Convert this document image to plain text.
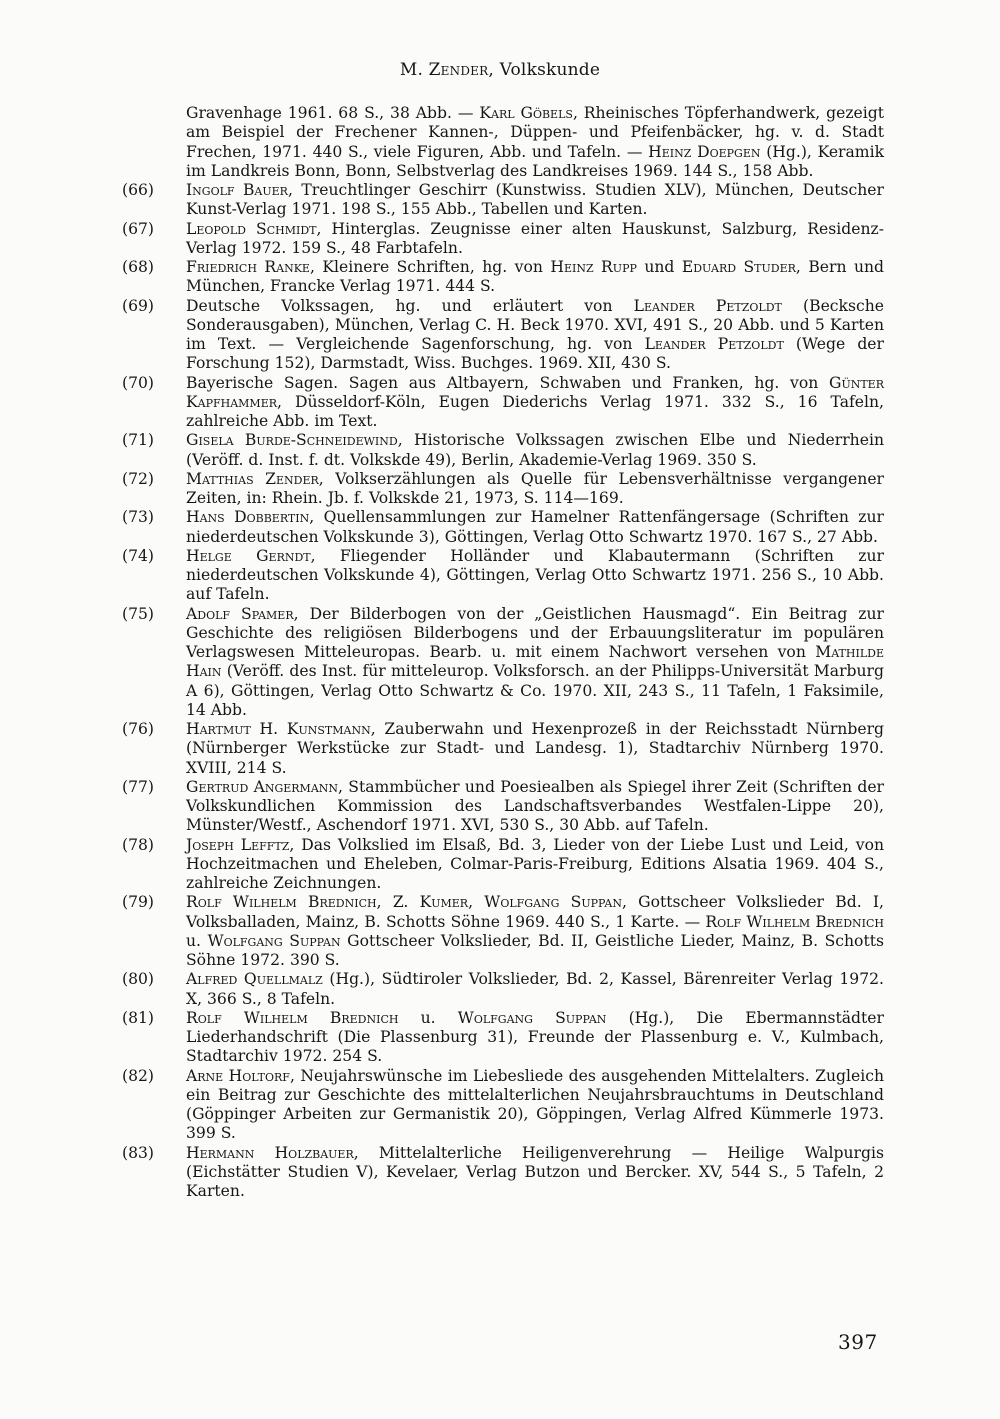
M. Zender, Volkskunde
Gravenhage 1961. 68 S., 38 Abb. — Karl Göbels, Rheinisches Töpferhandwerk, gezeigt am Beispiel der Frechener Kannen-, Düppen- und Pfeifenbäcker, hg. v. d. Stadt Frechen, 1971. 440 S., viele Figuren, Abb. und Tafeln. — Heinz Doepgen (Hg.), Keramik im Landkreis Bonn, Bonn, Selbstverlag des Landkreises 1969. 144 S., 158 Abb.
(66)	Ingolf Bauer, Treuchtlinger Geschirr (Kunstwiss. Studien XLV), München, Deutscher Kunst-Verlag 1971. 198 S., 155 Abb., Tabellen und Karten.
(67)	Leopold Schmidt, Hinterglas. Zeugnisse einer alten Hauskunst, Salzburg, Residenz-Verlag 1972. 159 S., 48 Farbtafeln.
(68)	Friedrich Ranke, Kleinere Schriften, hg. von Heinz Rupp und Eduard Studer, Bern und München, Francke Verlag 1971. 444 S.
(69)	Deutsche Volkssagen, hg. und erläutert von Leander Petzoldt (Becksche Sonderausgaben), München, Verlag C. H. Beck 1970. XVI, 491 S., 20 Abb. und 5 Karten im Text. — Vergleichende Sagenforschung, hg. von Leander Petzoldt (Wege der Forschung 152), Darmstadt, Wiss. Buchges. 1969. XII, 430 S.
(70)	Bayerische Sagen. Sagen aus Altbayern, Schwaben und Franken, hg. von Günter Kapfhammer, Düsseldorf-Köln, Eugen Diederichs Verlag 1971. 332 S., 16 Tafeln, zahlreiche Abb. im Text.
(71)	Gisela Burde-Schneidewind, Historische Volkssagen zwischen Elbe und Niederrhein (Veröff. d. Inst. f. dt. Volkskde 49), Berlin, Akademie-Verlag 1969. 350 S.
(72)	Matthias Zender, Volkserzählungen als Quelle für Lebensverhältnisse vergangener Zeiten, in: Rhein. Jb. f. Volkskde 21, 1973, S. 114—169.
(73)	Hans Dobbertin, Quellensammlungen zur Hamelner Rattenfängersage (Schriften zur niederdeutschen Volkskunde 3), Göttingen, Verlag Otto Schwartz 1970. 167 S., 27 Abb.
(74)	Helge Gerndt, Fliegender Holländer und Klabautermann (Schriften zur niederdeutschen Volkskunde 4), Göttingen, Verlag Otto Schwartz 1971. 256 S., 10 Abb. auf Tafeln.
(75)	Adolf Spamer, Der Bilderbogen von der „Geistlichen Hausmagd“. Ein Beitrag zur Geschichte des religiösen Bilderbogens und der Erbauungsliteratur im populären Verlagswesen Mitteleuropas. Bearb. u. mit einem Nachwort versehen von Mathilde Hain (Veröff. des Inst. für mitteleurop. Volksforsch. an der Philipps-Universität Marburg A 6), Göttingen, Verlag Otto Schwartz & Co. 1970. XII, 243 S., 11 Tafeln, 1 Faksimile, 14 Abb.
(76)	Hartmut H. Kunstmann, Zauberwahn und Hexenprozeß in der Reichsstadt Nürnberg (Nürnberger Werkstücke zur Stadt- und Landesg. 1), Stadtarchiv Nürnberg 1970. XVIII, 214 S.
(77)	Gertrud Angermann, Stammbücher und Poesiealben als Spiegel ihrer Zeit (Schriften der Volkskundlichen Kommission des Landschaftsverbandes Westfalen-Lippe 20), Münster/Westf., Aschendorf 1971. XVI, 530 S., 30 Abb. auf Tafeln.
(78)	Joseph Lefftz, Das Volkslied im Elsaß, Bd. 3, Lieder von der Liebe Lust und Leid, von Hochzeitmachen und Eheleben, Colmar-Paris-Freiburg, Editions Alsatia 1969. 404 S., zahlreiche Zeichnungen.
(79)	Rolf Wilhelm Brednich, Z. Kumer, Wolfgang Suppan, Gottscheer Volkslieder Bd. I, Volksballaden, Mainz, B. Schotts Söhne 1969. 440 S., 1 Karte. — Rolf Wilhelm Brednich u. Wolfgang Suppan Gottscheer Volkslieder, Bd. II, Geistliche Lieder, Mainz, B. Schotts Söhne 1972. 390 S.
(80)	Alfred Quellmalz (Hg.), Südtiroler Volkslieder, Bd. 2, Kassel, Bärenreiter Verlag 1972. X, 366 S., 8 Tafeln.
(81)	Rolf Wilhelm Brednich u. Wolfgang Suppan (Hg.), Die Ebermannstädter Liederhandschrift (Die Plassenburg 31), Freunde der Plassenburg e. V., Kulmbach, Stadtarchiv 1972. 254 S.
(82)	Arne Holtorf, Neujahrswünsche im Liebesliede des ausgehenden Mittelalters. Zugleich ein Beitrag zur Geschichte des mittelalterlichen Neujahrsbrauchtums in Deutschland (Göppinger Arbeiten zur Germanistik 20), Göppingen, Verlag Alfred Kümmerle 1973. 399 S.
(83)	Hermann Holzbauer, Mittelalterliche Heiligenverehrung — Heilige Walpurgis (Eichstätter Studien V), Kevelaer, Verlag Butzon und Bercker. XV, 544 S., 5 Tafeln, 2 Karten.
397
